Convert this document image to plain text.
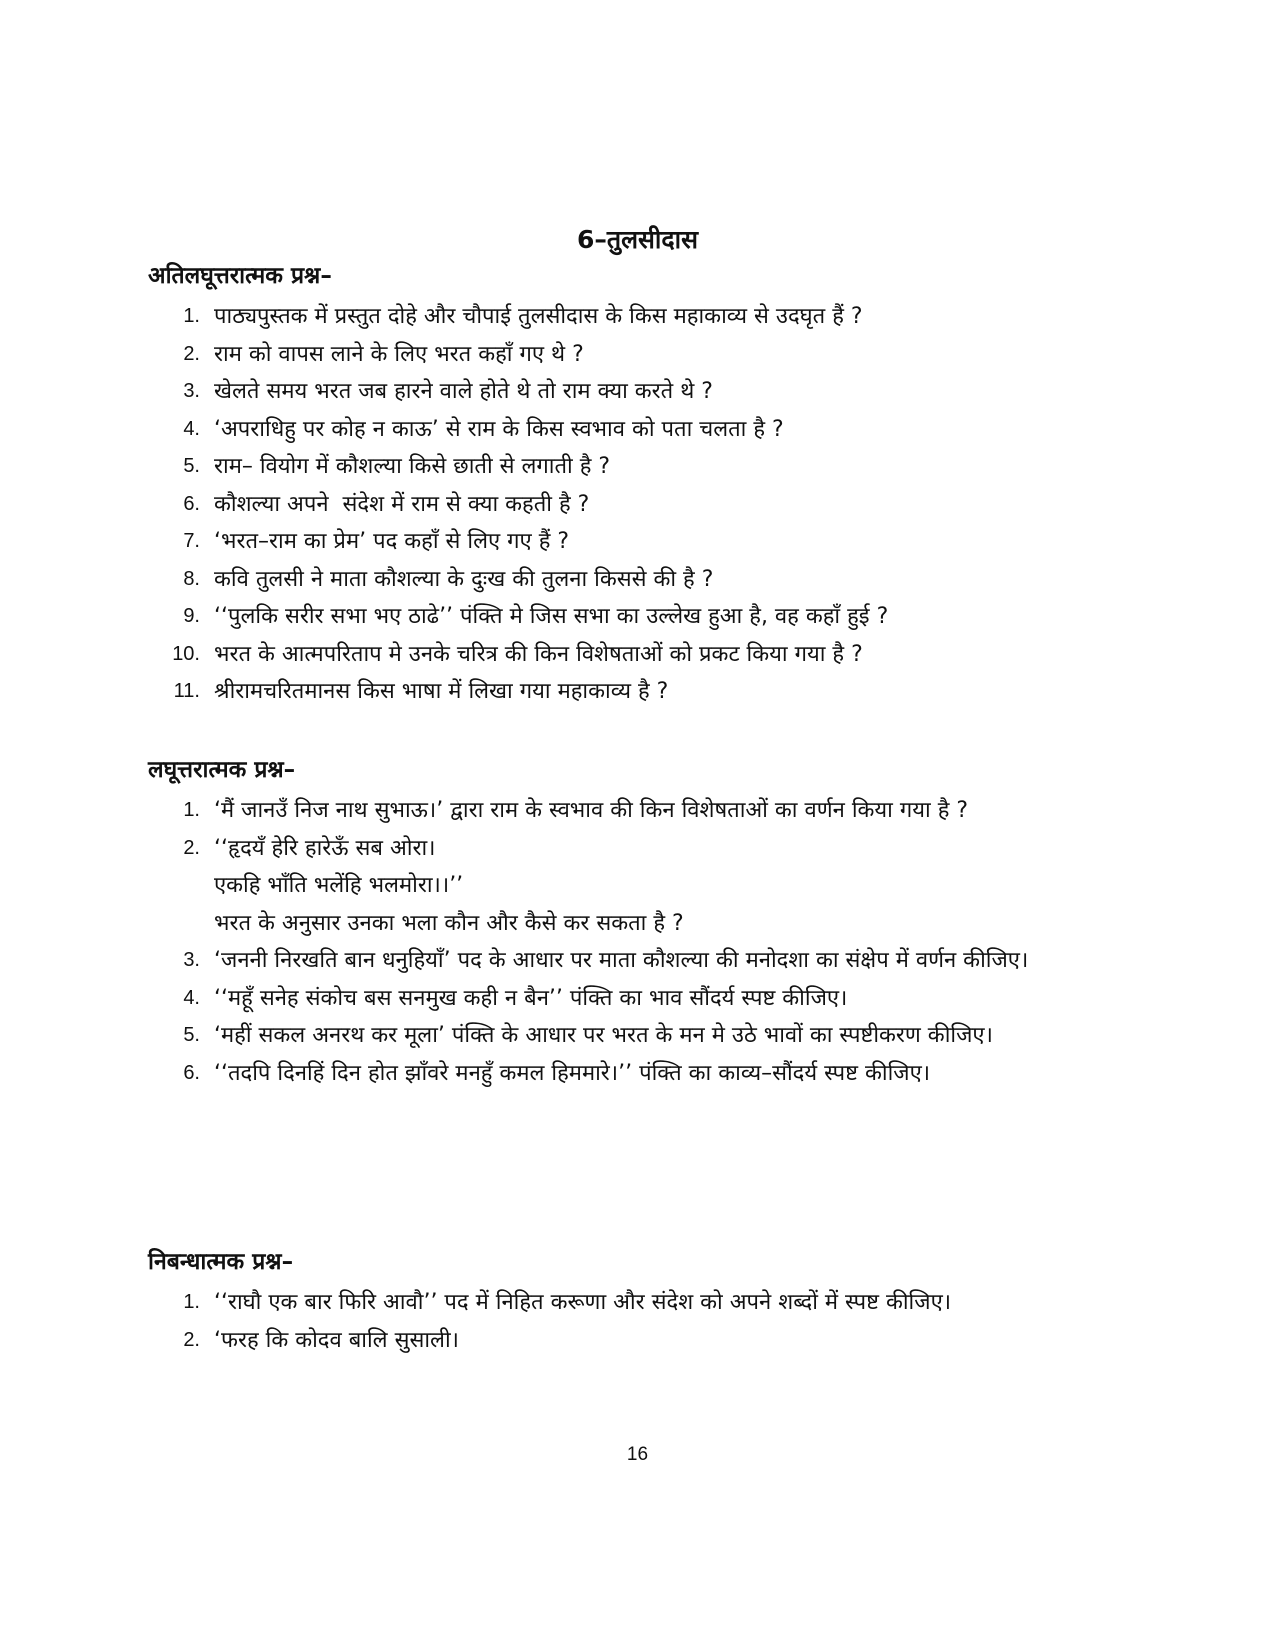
6–तुलसीदास
अतिलघूत्तरात्मक प्रश्न–
1. पाठ्यपुस्तक में प्रस्तुत दोहे और चौपाई तुलसीदास के किस महाकाव्य से उदघृत हैं ?
2. राम को वापस लाने के लिए भरत कहाँ गए थे ?
3. खेलते समय भरत जब हारने वाले होते थे तो राम क्या करते थे ?
4. ‘अपराधिहु पर कोह न काऊ’ से राम के किस स्वभाव को पता चलता है ?
5. राम– वियोग में कौशल्या किसे छाती से लगाती है ?
6. कौशल्या अपने  संदेश में राम से क्या कहती है ?
7. ‘भरत–राम का प्रेम’ पद कहाँ से लिए गए हैं ?
8. कवि तुलसी ने माता कौशल्या के दुःख की तुलना किससे की है ?
9. ‘‘पुलकि सरीर सभा भए ठाढे’’ पंक्ति मे जिस सभा का उल्लेख हुआ है, वह कहाँ हुई ?
10. भरत के आत्मपरिताप मे उनके चरित्र की किन विशेषताओं को प्रकट किया गया है ?
11. श्रीरामचरितमानस किस भाषा में लिखा गया महाकाव्य है ?
लघूत्तरात्मक प्रश्न–
1. ‘मैं जानउँ निज नाथ सुभाऊ।’ द्वारा राम के स्वभाव की किन विशेषताओं का वर्णन किया गया है ?
2. ‘‘हृदयँ हेरि हारेऊँ सब ओरा।
एकहि भाँति भलेंहि भलमोरा।।’’
भरत के अनुसार उनका भला कौन और कैसे कर सकता है ?
3. ‘जननी निरखति बान धनुहियाँ’ पद के आधार पर माता कौशल्या की मनोदशा का संक्षेप में वर्णन कीजिए।
4. ‘‘महूँ सनेह संकोच बस सनमुख कही न बैन’’ पंक्ति का भाव सौंदर्य स्पष्ट कीजिए।
5. ‘महीं सकल अनरथ कर मूला’ पंक्ति के आधार पर भरत के मन मे उठे भावों का स्पष्टीकरण कीजिए।
6. ‘‘तदपि दिनहिं दिन होत झाँवरे मनहुँ कमल हिममारे।’’ पंक्ति का काव्य–सौंदर्य स्पष्ट कीजिए।
निबन्धात्मक प्रश्न–
1. ‘‘राघौ एक बार फिरि आवौ’’ पद में निहित करूणा और संदेश को अपने शब्दों में स्पष्ट कीजिए।
2. ‘फरह कि कोदव बालि सुसाली।

16
